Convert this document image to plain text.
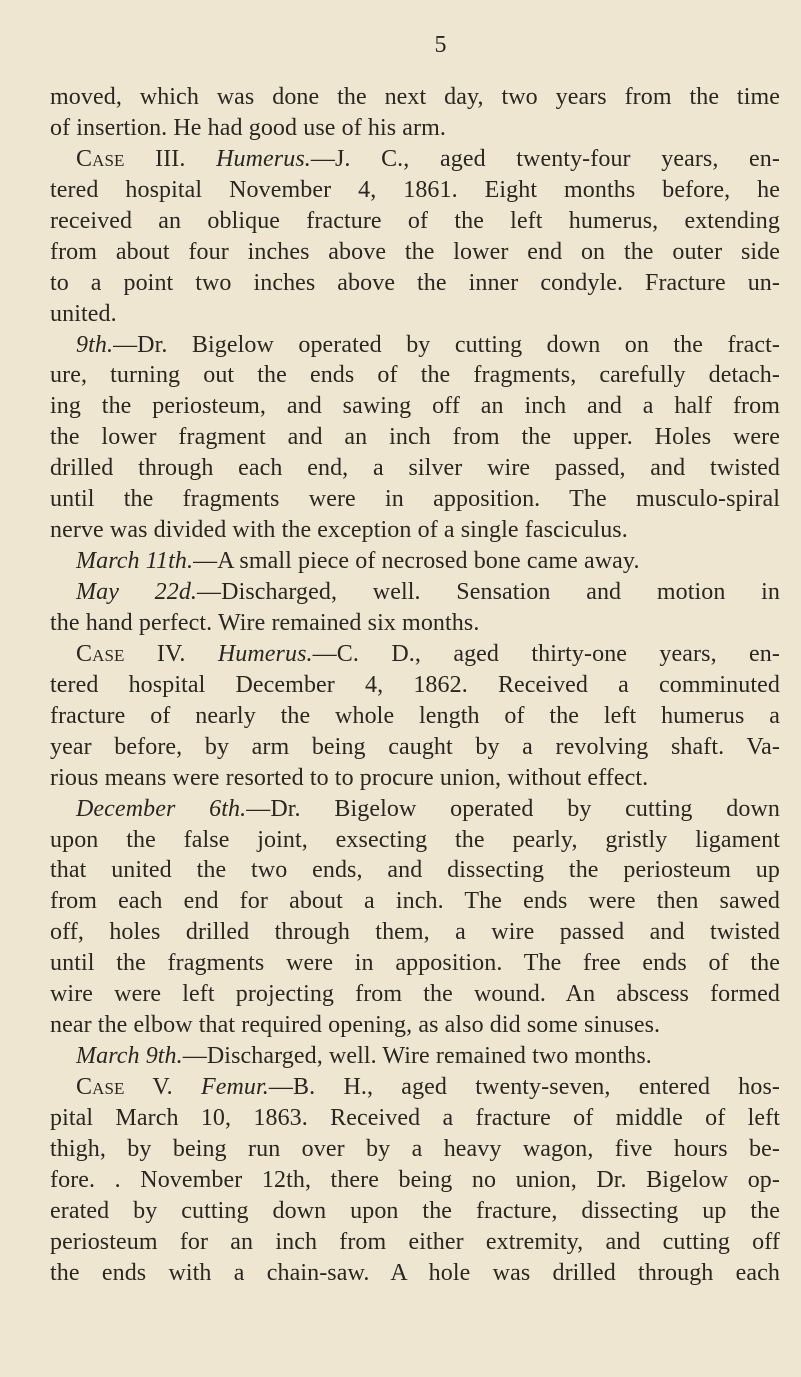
5
moved, which was done the next day, two years from the time
of insertion. He had good use of his arm.
Case III. Humerus.—J. C., aged twenty-four years, en-
tered hospital November 4, 1861. Eight months before, he
received an oblique fracture of the left humerus, extending
from about four inches above the lower end on the outer side
to a point two inches above the inner condyle. Fracture un-
united.
9th.—Dr. Bigelow operated by cutting down on the fract-
ure, turning out the ends of the fragments, carefully detach-
ing the periosteum, and sawing off an inch and a half from
the lower fragment and an inch from the upper. Holes were
drilled through each end, a silver wire passed, and twisted
until the fragments were in apposition. The musculo-spiral
nerve was divided with the exception of a single fasciculus.
March 11th.—A small piece of necrosed bone came away.
May 22d.—Discharged, well. Sensation and motion in
the hand perfect. Wire remained six months.
Case IV. Humerus.—C. D., aged thirty-one years, en-
tered hospital December 4, 1862. Received a comminuted
fracture of nearly the whole length of the left humerus a
year before, by arm being caught by a revolving shaft. Va-
rious means were resorted to to procure union, without effect.
December 6th.—Dr. Bigelow operated by cutting down
upon the false joint, exsecting the pearly, gristly ligament
that united the two ends, and dissecting the periosteum up
from each end for about a inch. The ends were then sawed
off, holes drilled through them, a wire passed and twisted
until the fragments were in apposition. The free ends of the
wire were left projecting from the wound. An abscess formed
near the elbow that required opening, as also did some sinuses.
March 9th.—Discharged, well. Wire remained two months.
Case V. Femur.—B. H., aged twenty-seven, entered hos-
pital March 10, 1863. Received a fracture of middle of left
thigh, by being run over by a heavy wagon, five hours be-
fore. . November 12th, there being no union, Dr. Bigelow op-
erated by cutting down upon the fracture, dissecting up the
periosteum for an inch from either extremity, and cutting off
the ends with a chain-saw. A hole was drilled through each
